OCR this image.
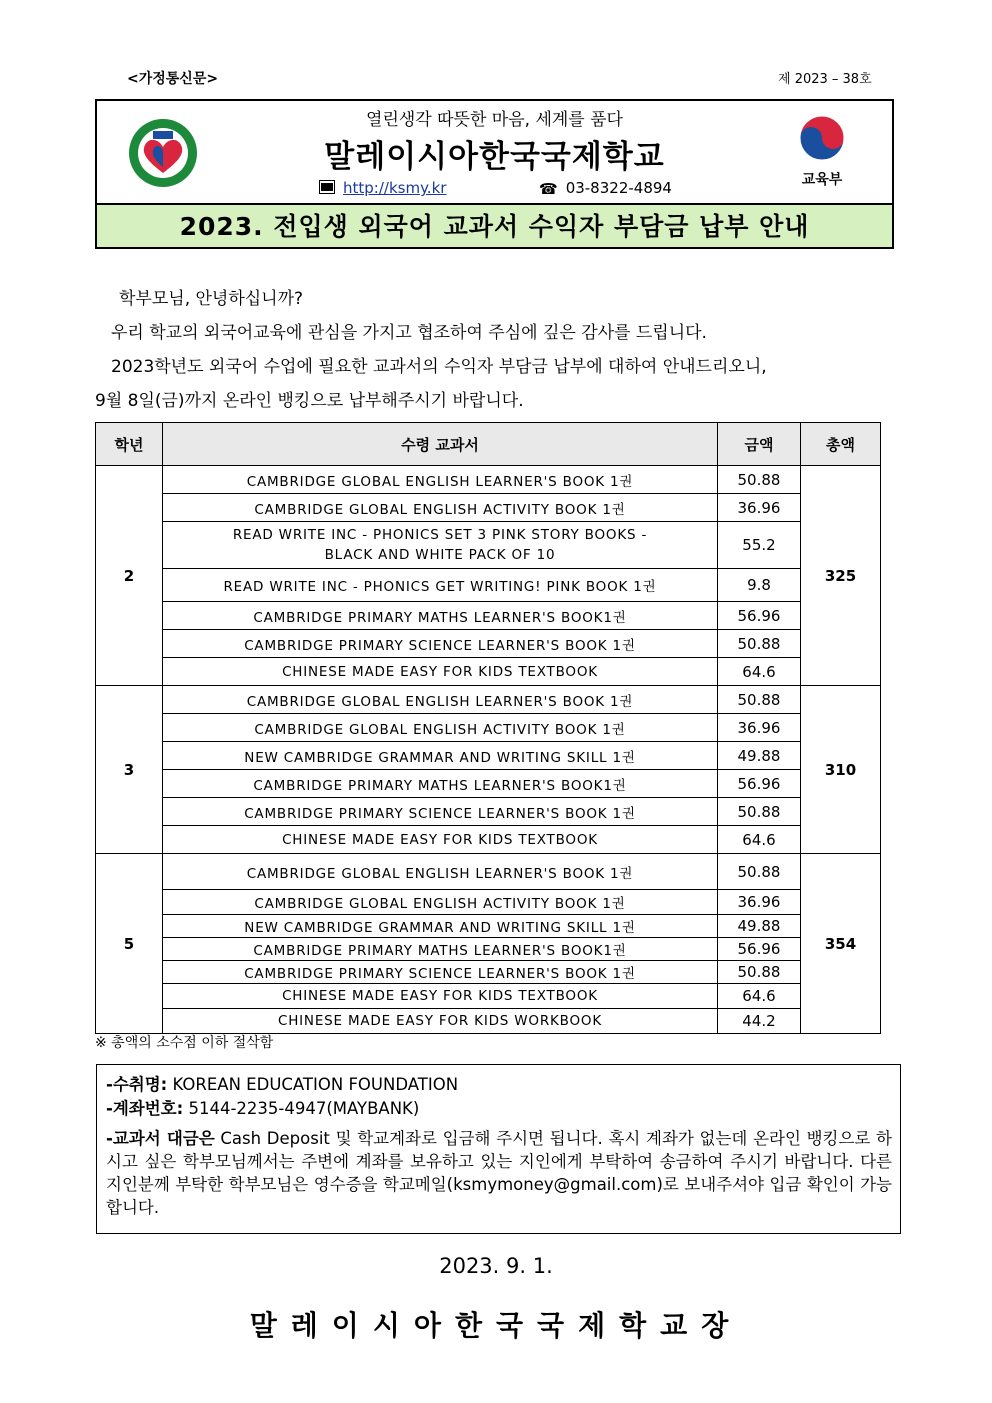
<가정통신문>	제 2023 – 38호
열린생각 따뜻한 마음, 세계를 품다
말레이시아한국국제학교
http://ksmy.kr	☎ 03-8322-4894	교육부
2023. 전입생 외국어 교과서 수익자 부담금 납부 안내
학부모님, 안녕하십니까?
우리 학교의 외국어교육에 관심을 가지고 협조하여 주심에 깊은 감사를 드립니다.
2023학년도 외국어 수업에 필요한 교과서의 수익자 부담금 납부에 대하여 안내드리오니,
9월 8일(금)까지 온라인 뱅킹으로 납부해주시기 바랍니다.
학년	수령 교과서	금액	총액
2	CAMBRIDGE GLOBAL ENGLISH LEARNER'S BOOK 1권	50.88	325
	CAMBRIDGE GLOBAL ENGLISH ACTIVITY BOOK 1권	36.96	
	READ WRITE INC - PHONICS SET 3 PINK STORY BOOKS -
BLACK AND WHITE PACK OF 10	55.2	
	READ WRITE INC - PHONICS GET WRITING! PINK BOOK 1권	9.8	
	CAMBRIDGE PRIMARY MATHS LEARNER'S BOOK1권	56.96	
	CAMBRIDGE PRIMARY SCIENCE LEARNER'S BOOK 1권	50.88	
	CHINESE MADE EASY FOR KIDS TEXTBOOK	64.6	
3	CAMBRIDGE GLOBAL ENGLISH LEARNER'S BOOK 1권	50.88	310
	CAMBRIDGE GLOBAL ENGLISH ACTIVITY BOOK 1권	36.96	
	NEW CAMBRIDGE GRAMMAR AND WRITING SKILL 1권	49.88	
	CAMBRIDGE PRIMARY MATHS LEARNER'S BOOK1권	56.96	
	CAMBRIDGE PRIMARY SCIENCE LEARNER'S BOOK 1권	50.88	
	CHINESE MADE EASY FOR KIDS TEXTBOOK	64.6	
5	CAMBRIDGE GLOBAL ENGLISH LEARNER'S BOOK 1권	50.88	354
	CAMBRIDGE GLOBAL ENGLISH ACTIVITY BOOK 1권	36.96	
	NEW CAMBRIDGE GRAMMAR AND WRITING SKILL 1권	49.88	
	CAMBRIDGE PRIMARY MATHS LEARNER'S BOOK1권	56.96	
	CAMBRIDGE PRIMARY SCIENCE LEARNER'S BOOK 1권	50.88	
	CHINESE MADE EASY FOR KIDS TEXTBOOK	64.6	
	CHINESE MADE EASY FOR KIDS WORKBOOK	44.2	
※ 총액의 소수점 이하 절삭함
-수취명: KOREAN EDUCATION FOUNDATION
-계좌번호: 5144-2235-4947(MAYBANK)
-교과서 대금은 Cash Deposit 및 학교계좌로 입금해 주시면 됩니다. 혹시 계좌가 없는데 온라인 뱅킹으로 하시고 싶은 학부모님께서는 주변에 계좌를 보유하고 있는 지인에게 부탁하여 송금하여 주시기 바랍니다. 다른 지인분께 부탁한 학부모님은 영수증을 학교메일(ksmymoney@gmail.com)로 보내주셔야 입금 확인이 가능합니다.
2023. 9. 1.
말레이시아한국국제학교장
